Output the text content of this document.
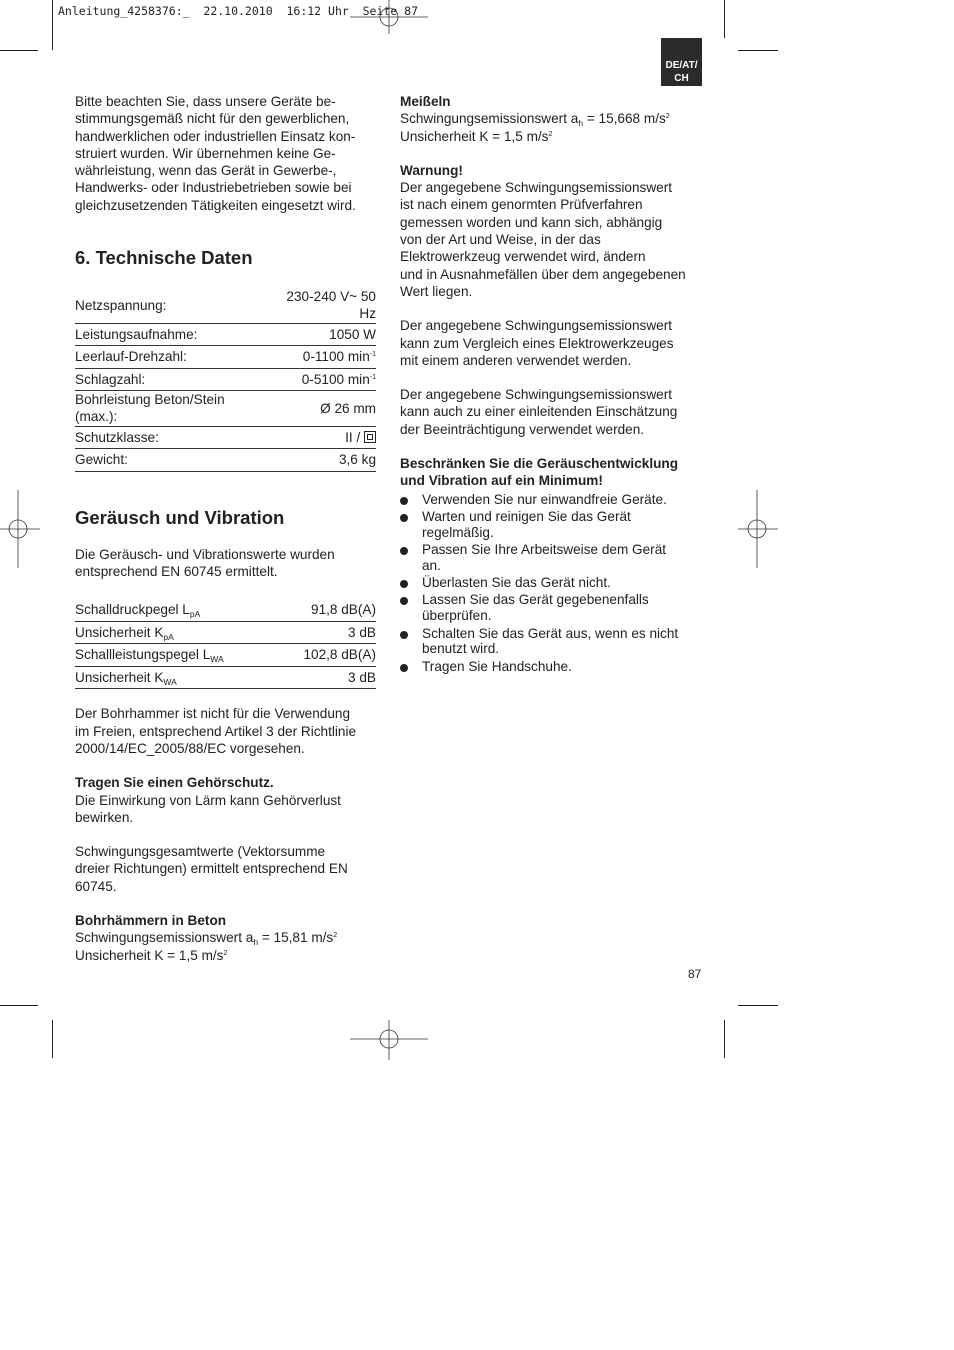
Anleitung_4258376:_  22.10.2010  16:12 Uhr  Seite 87
DE/AT/
CH

Bitte beachten Sie, dass unsere Geräte be-

stimmungsgemäß nicht für den gewerblichen,

handwerklichen oder industriellen Einsatz kon-

struiert wurden. Wir übernehmen keine Ge-

währleistung, wenn das Gerät in Gewerbe-,

Handwerks- oder Industriebetrieben sowie bei

gleichzusetzenden Tätigkeiten eingesetzt wird.

6. Technische Daten
Netzspannung:	230-240 V~ 50 Hz
Leistungsaufnahme:	1050 W
Leerlauf-Drehzahl:	0-1100 $\min^{-1}$
Schlagzahl:	0-5100 $\min^{-1}$
Bohrleistung Beton/Stein (max.):	Ø 26 mm
Schutzklasse:	II /

Gewicht:	3,6 kg
Geräusch und Vibration

Die Geräusch- und Vibrationswerte wurden

entsprechend EN 60745 ermittelt.

Schalldruckpegel $L_{pA}$	91,8 dB(A)
Unsicherheit $K_{pA}$	3 dB
Schallleistungspegel $L_{WA}$	102,8 dB(A)
Unsicherheit $K_{WA}$	3 dB

Der Bohrhammer ist nicht für die Verwendung

im Freien, entsprechend Artikel 3 der Richtlinie

2000/14/EC_2005/88/EC vorgesehen.

Tragen Sie einen Gehörschutz.

Die Einwirkung von Lärm kann Gehörverlust

bewirken.

Schwingungsgesamtwerte (Vektorsumme

dreier Richtungen) ermittelt entsprechend EN

60745.

Bohrhämmern in Beton

Schwingungsemissionswert $a_h = 15,81$ $m/s^2$

Unsicherheit K = 1,5 $m/s^2$

Meißeln

Schwingungsemissionswert $a_h = 15,668$ $m/s^2$

Unsicherheit K = 1,5 $m/s^2$

Warnung!

Der angegebene Schwingungsemissionswert

ist nach einem genormten Prüfverfahren

gemessen worden und kann sich, abhängig

von der Art und Weise, in der das

Elektrowerkzeug verwendet wird, ändern

und in Ausnahmefällen über dem angegebenen

Wert liegen.

Der angegebene Schwingungsemissionswert

kann zum Vergleich eines Elektrowerkzeuges

mit einem anderen verwendet werden.

Der angegebene Schwingungsemissionswert

kann auch zu einer einleitenden Einschätzung

der Beeinträchtigung verwendet werden.

Beschränken Sie die Geräuschentwicklung

und Vibration auf ein Minimum!

Verwenden Sie nur einwandfreie Geräte.
Warten und reinigen Sie das Gerät
regelmäßig.
Passen Sie Ihre Arbeitsweise dem Gerät
an.
Überlasten Sie das Gerät nicht.
Lassen Sie das Gerät gegebenenfalls
überprüfen.
Schalten Sie das Gerät aus, wenn es nicht
benutzt wird.
Tragen Sie Handschuhe.
87
